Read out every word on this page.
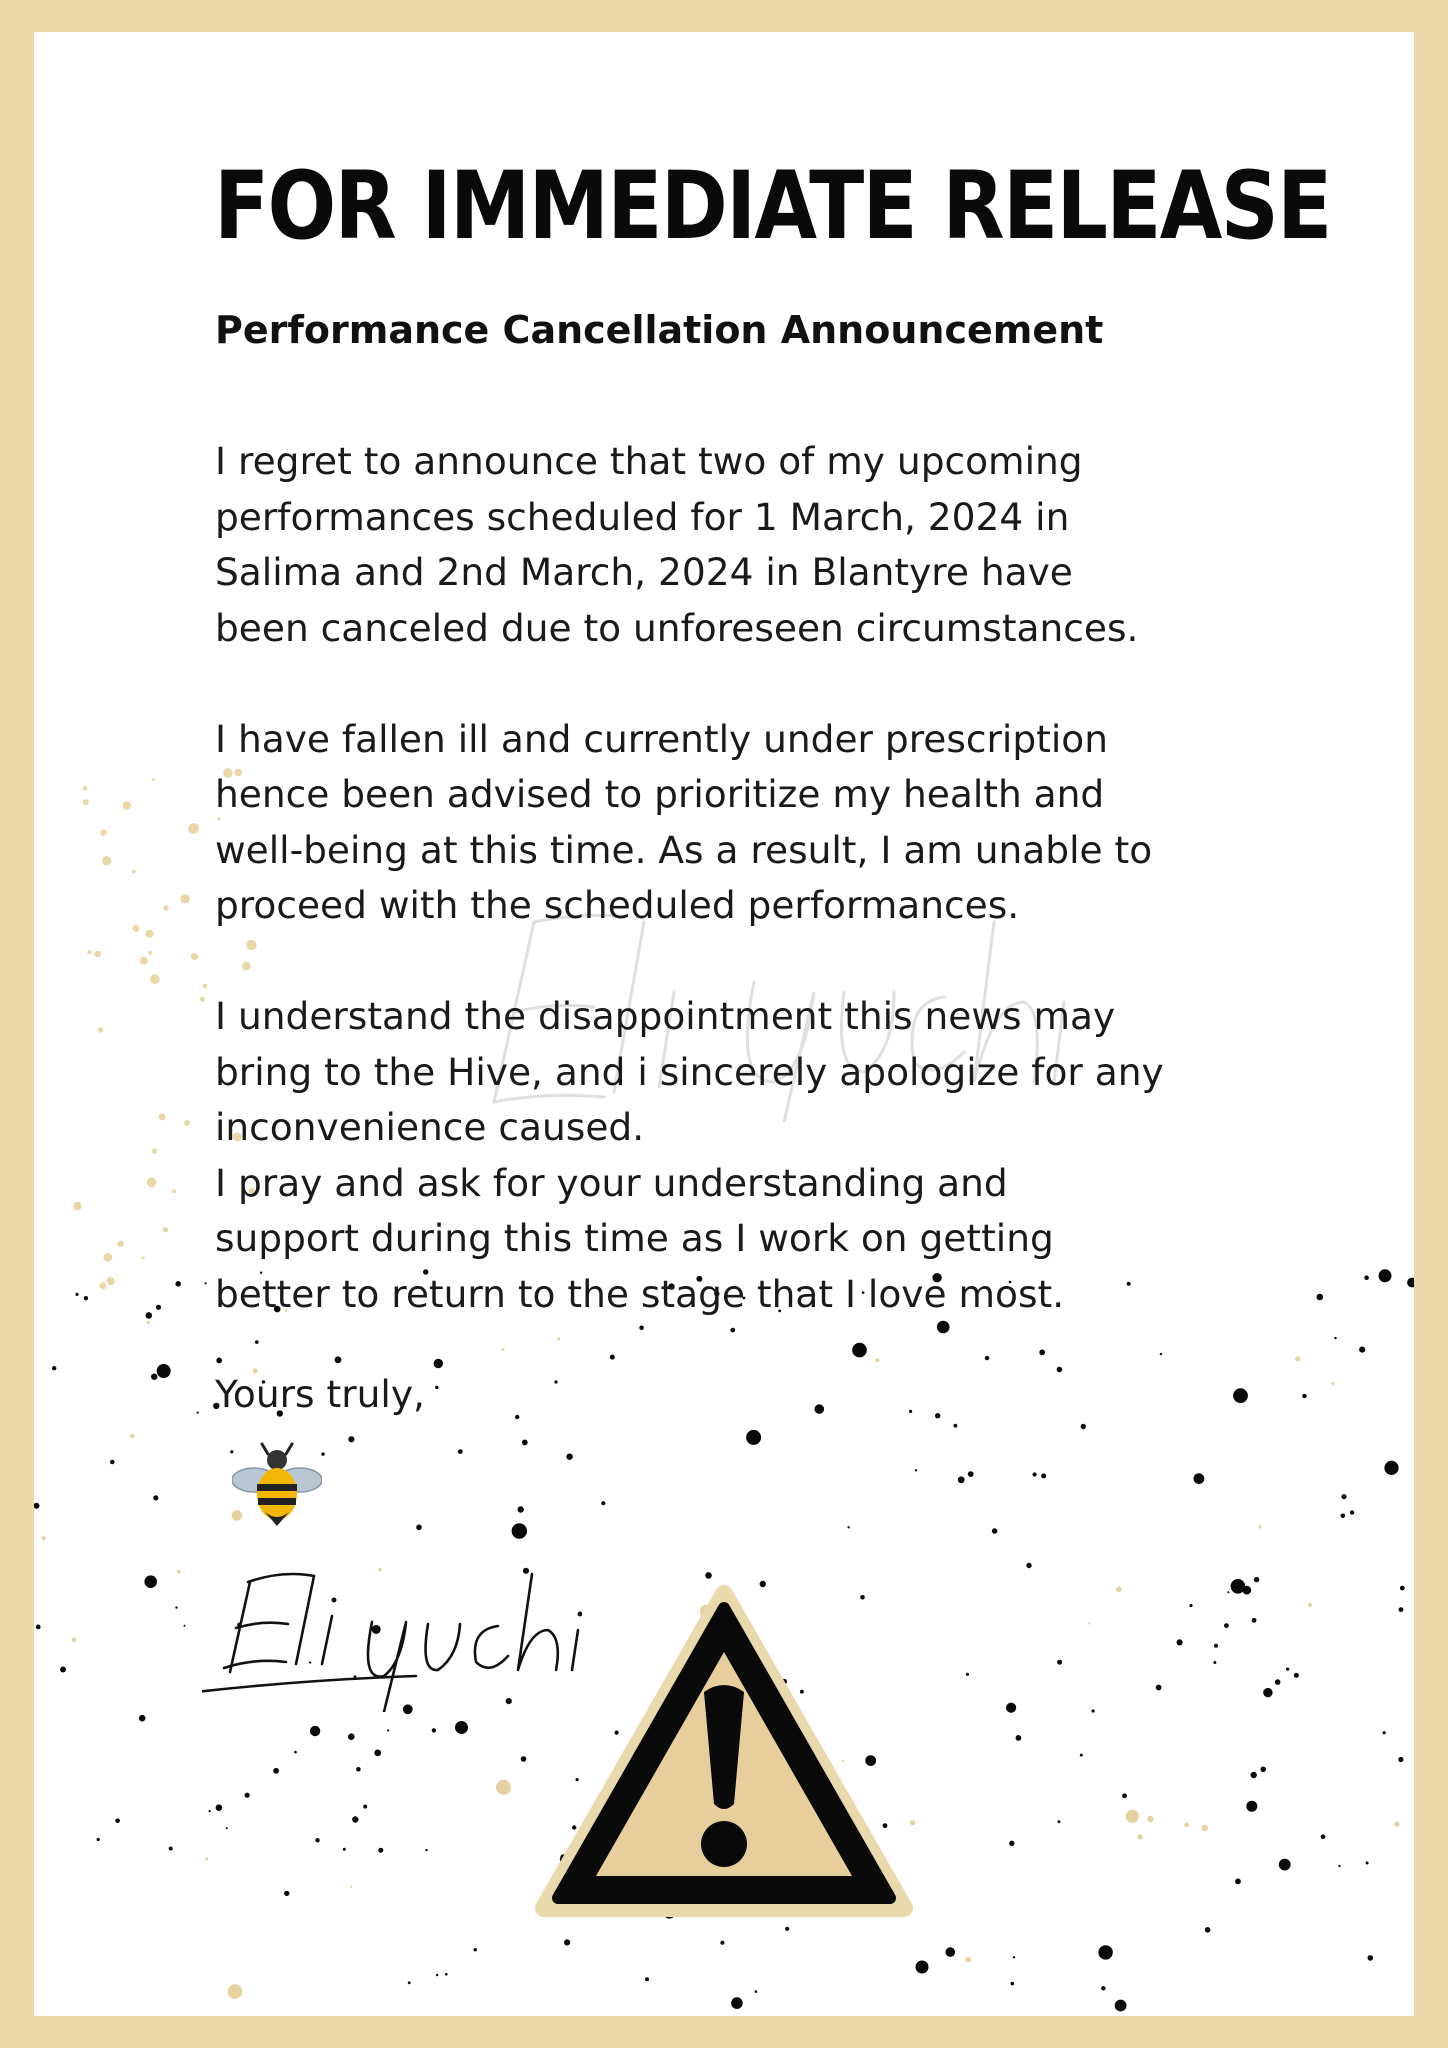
FOR IMMEDIATE RELEASE
Performance Cancellation Announcement

I regret to announce that two of my upcoming

performances scheduled for 1 March, 2024 in

Salima and 2nd March, 2024 in Blantyre have

been canceled due to unforeseen circumstances.

I have fallen ill and currently under prescription

hence been advised to prioritize my health and

well-being at this time. As a result, I am unable to

proceed with the scheduled performances.

I understand the disappointment this news may

bring to the Hive, and i sincerely apologize for any

inconvenience caused.

I pray and ask for your understanding and

support during this time as I work on getting

better to return to the stage that I love most.

Yours truly,
